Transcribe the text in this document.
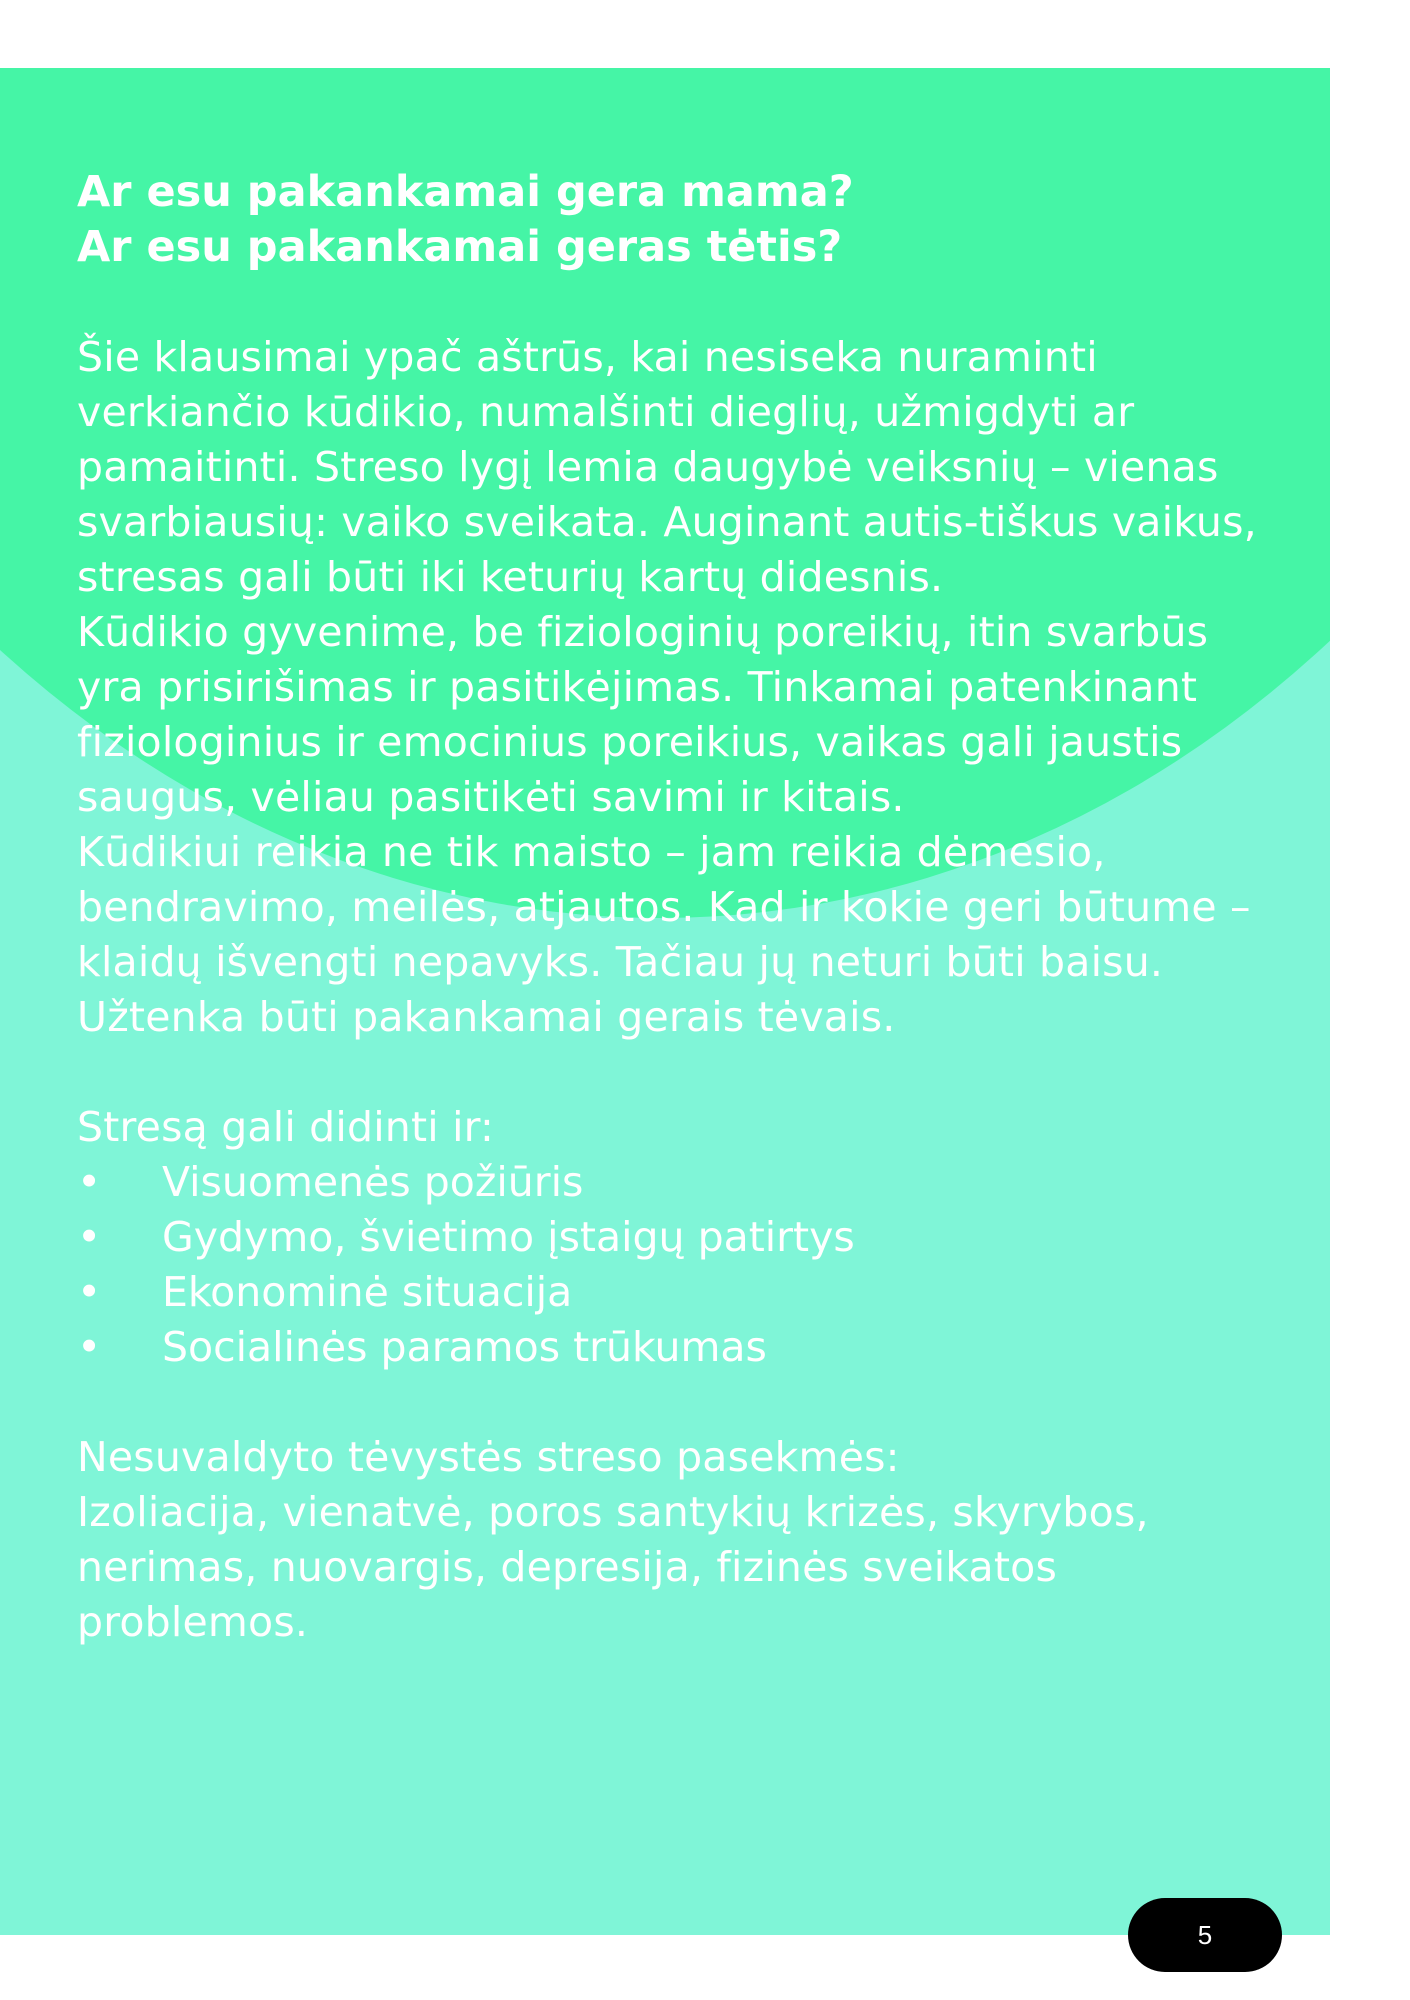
Ar esu pakankamai gera mama?
Ar esu pakankamai geras tėtis?

Šie klausimai ypač aštrūs, kai nesiseka nuraminti verkiančio kūdikio, numalšinti dieglių, užmigdyti ar pamaitinti. Streso lygį lemia daugybė veiksnių – vienas svarbiausių: vaiko sveikata. Auginant autis-tiškus vaikus, stresas gali būti iki keturių kartų didesnis.

Kūdikio gyvenime, be fiziologinių poreikių, itin svarbūs yra prisirišimas ir pasitikėjimas. Tinkamai patenkinant fiziologinius ir emocinius poreikius, vaikas gali jaustis saugus, vėliau pasitikėti savimi ir kitais.

Kūdikiui reikia ne tik maisto – jam reikia dėmesio, bendravimo, meilės, atjautos. Kad ir kokie geri būtume – klaidų išvengti nepavyks. Tačiau jų neturi būti baisu. Užtenka būti pakankamai gerais tėvais.

Stresą gali didinti ir:

• Visuomenės požiūris
• Gydymo, švietimo įstaigų patirtys
• Ekonominė situacija
• Socialinės paramos trūkumas

Nesuvaldyto tėvystės streso pasekmės:

Izoliacija, vienatvė, poros santykių krizės, skyrybos, nerimas, nuovargis, depresija, fizinės sveikatos problemos.

5
